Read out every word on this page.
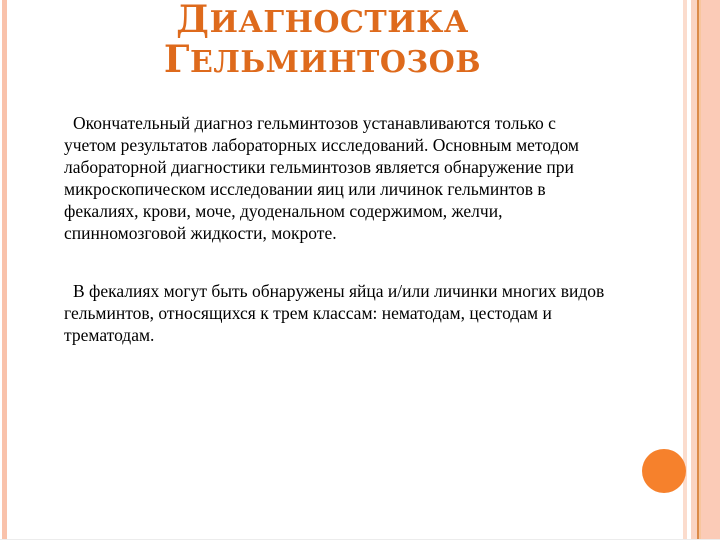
ДИАГНОСТИКА
ГЕЛЬМИНТОЗОВ
Окончательный диагноз гельминтозов устанавливаются только с
учетом результатов лабораторных исследований. Основным методом
лабораторной диагностики гельминтозов является обнаружение при
микроскопическом исследовании яиц или личинок гельминтов в
фекалиях, крови, моче, дуоденальном содержимом, желчи,
спинномозговой жидкости, мокроте.
В фекалиях могут быть обнаружены яйца и/или личинки многих видов
гельминтов, относящихся к трем классам: нематодам, цестодам и
трематодам.
